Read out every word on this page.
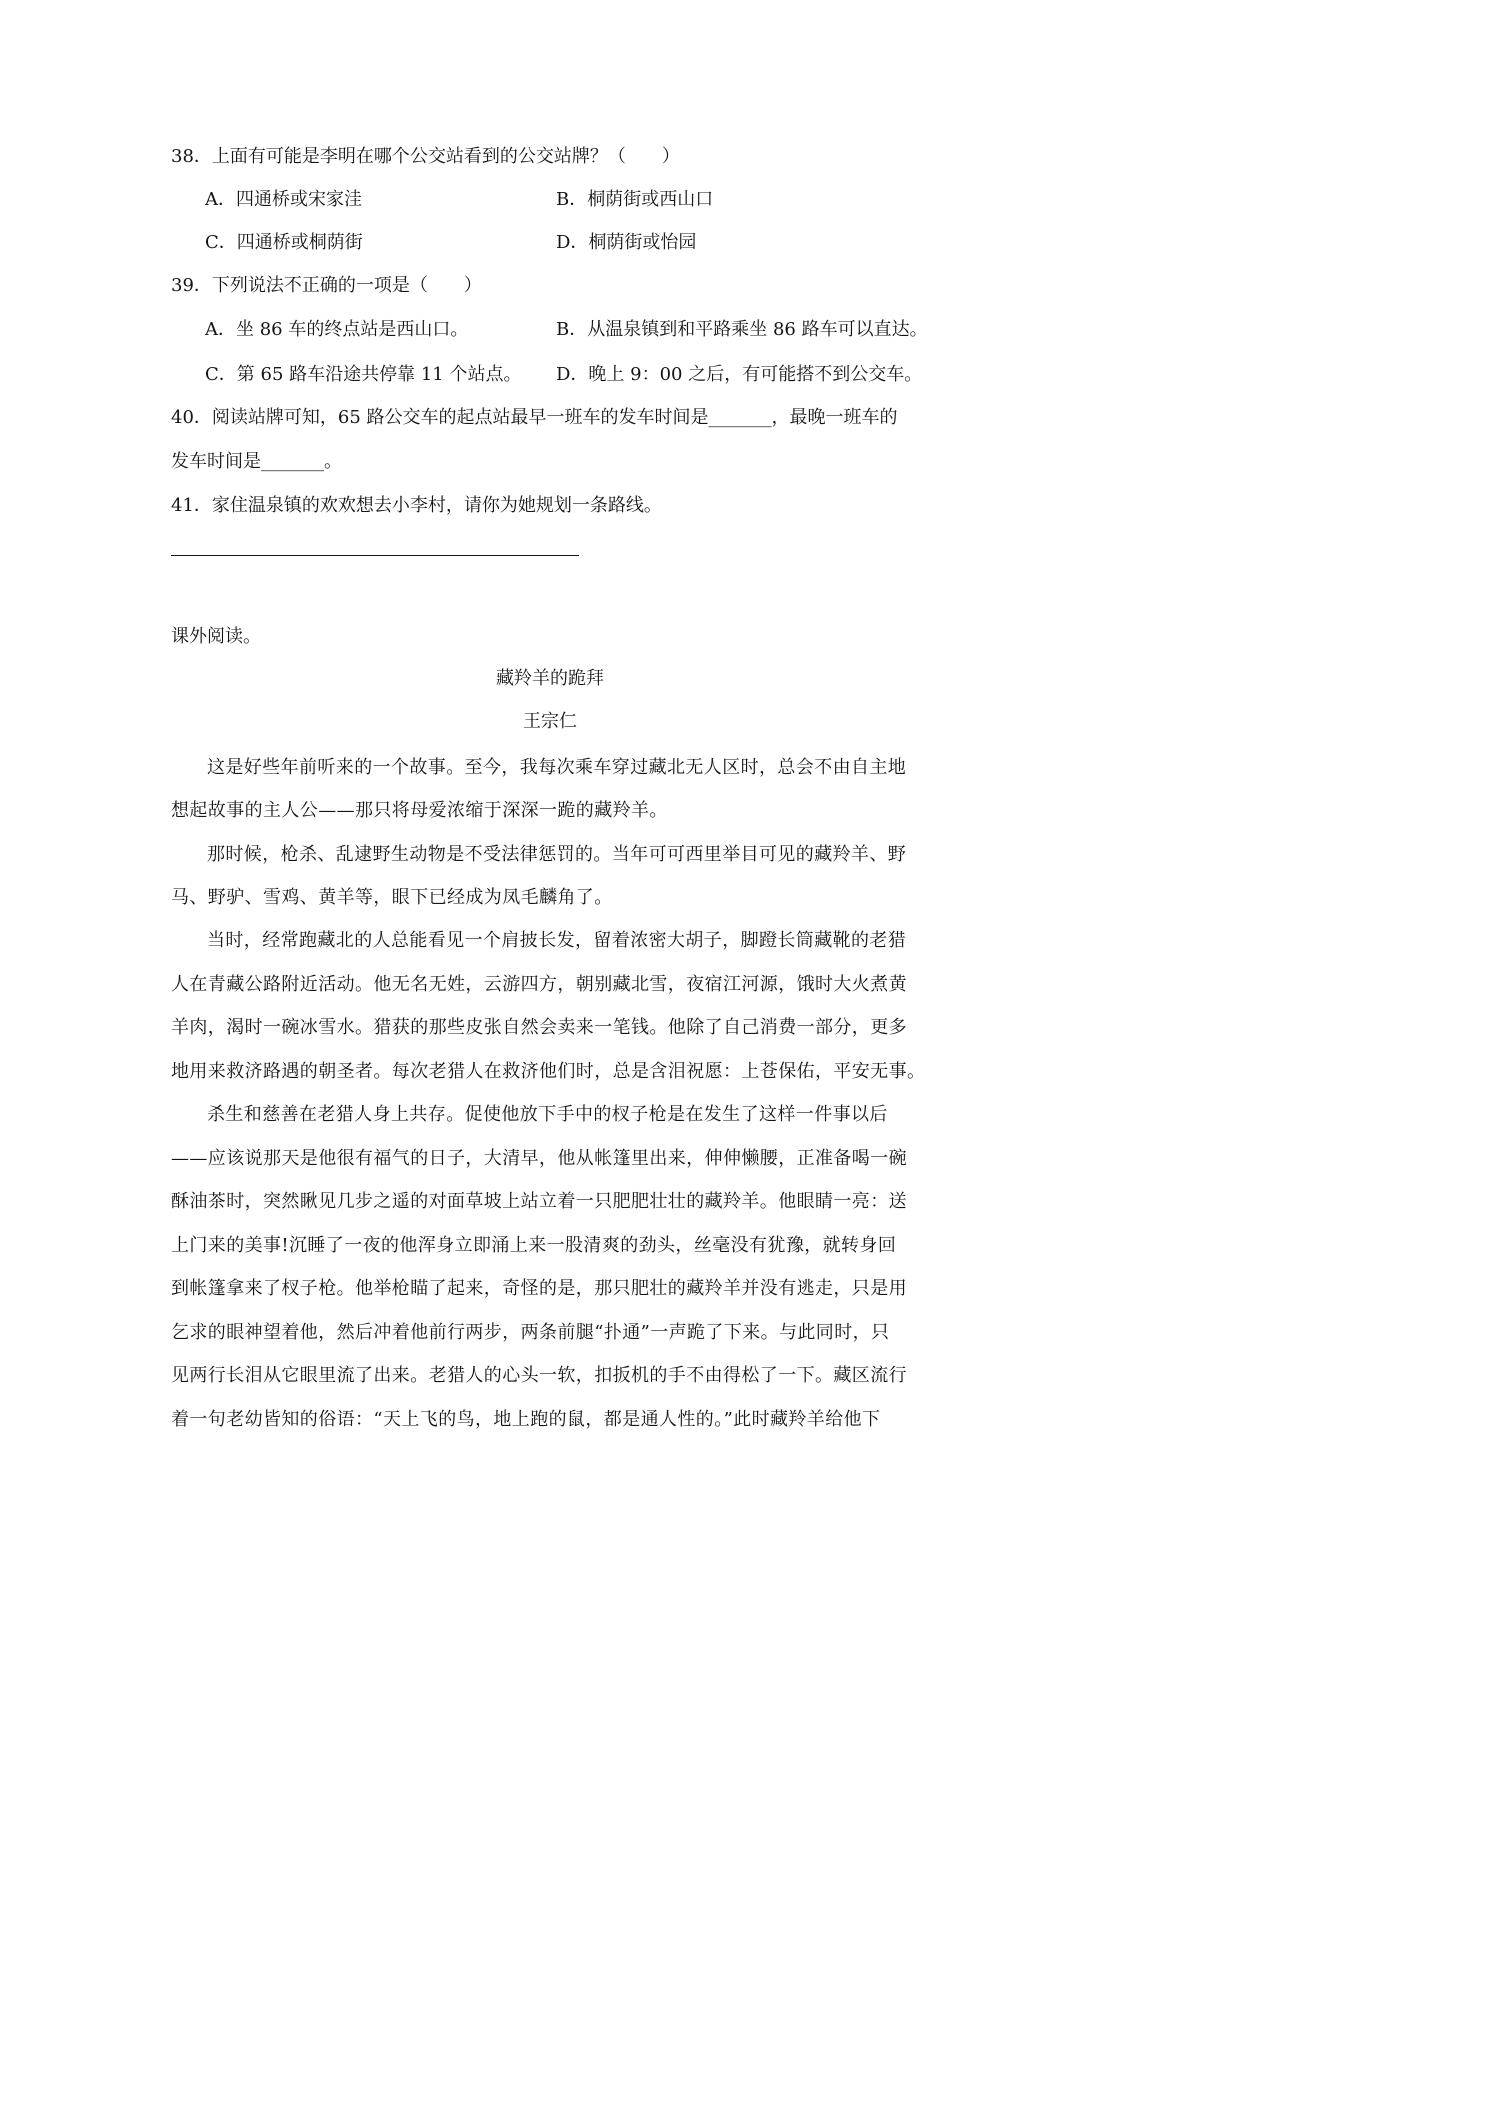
38．上面有可能是李明在哪个公交站看到的公交站牌？（　　）
A．四通桥或宋家洼	B．桐荫街或西山口
C．四通桥或桐荫街	D．桐荫街或怡园
39．下列说法不正确的一项是（　　）
A．坐 86 车的终点站是西山口。	B．从温泉镇到和平路乘坐 86 路车可以直达。
C．第 65 路车沿途共停靠 11 个站点。 D．晚上 9：00 之后，有可能搭不到公交车。
40．阅读站牌可知，65 路公交车的起点站最早一班车的发车时间是_______，最晚一班车的
发车时间是_______。
41．家住温泉镇的欢欢想去小李村，请你为她规划一条路线。
课外阅读。
藏羚羊的跪拜
王宗仁
这是好些年前听来的一个故事。至今，我每次乘车穿过藏北无人区时，总会不由自主地
想起故事的主人公——那只将母爱浓缩于深深一跪的藏羚羊。
那时候，枪杀、乱逮野生动物是不受法律惩罚的。当年可可西里举目可见的藏羚羊、野
马、野驴、雪鸡、黄羊等，眼下已经成为凤毛麟角了。
当时，经常跑藏北的人总能看见一个肩披长发，留着浓密大胡子，脚蹬长筒藏靴的老猎
人在青藏公路附近活动。他无名无姓，云游四方，朝别藏北雪，夜宿江河源，饿时大火煮黄
羊肉，渴时一碗冰雪水。猎获的那些皮张自然会卖来一笔钱。他除了自己消费一部分，更多
地用来救济路遇的朝圣者。每次老猎人在救济他们时，总是含泪祝愿：上苍保佑，平安无事。
杀生和慈善在老猎人身上共存。促使他放下手中的杈子枪是在发生了这样一件事以后
——应该说那天是他很有福气的日子，大清早，他从帐篷里出来，伸伸懒腰，正准备喝一碗
酥油茶时，突然瞅见几步之遥的对面草坡上站立着一只肥肥壮壮的藏羚羊。他眼睛一亮：送
上门来的美事!沉睡了一夜的他浑身立即涌上来一股清爽的劲头，丝毫没有犹豫，就转身回
到帐篷拿来了杈子枪。他举枪瞄了起来，奇怪的是，那只肥壮的藏羚羊并没有逃走，只是用
乞求的眼神望着他，然后冲着他前行两步，两条前腿“扑通”一声跪了下来。与此同时，只
见两行长泪从它眼里流了出来。老猎人的心头一软，扣扳机的手不由得松了一下。藏区流行
着一句老幼皆知的俗语：“天上飞的鸟，地上跑的鼠，都是通人性的。”此时藏羚羊给他下
